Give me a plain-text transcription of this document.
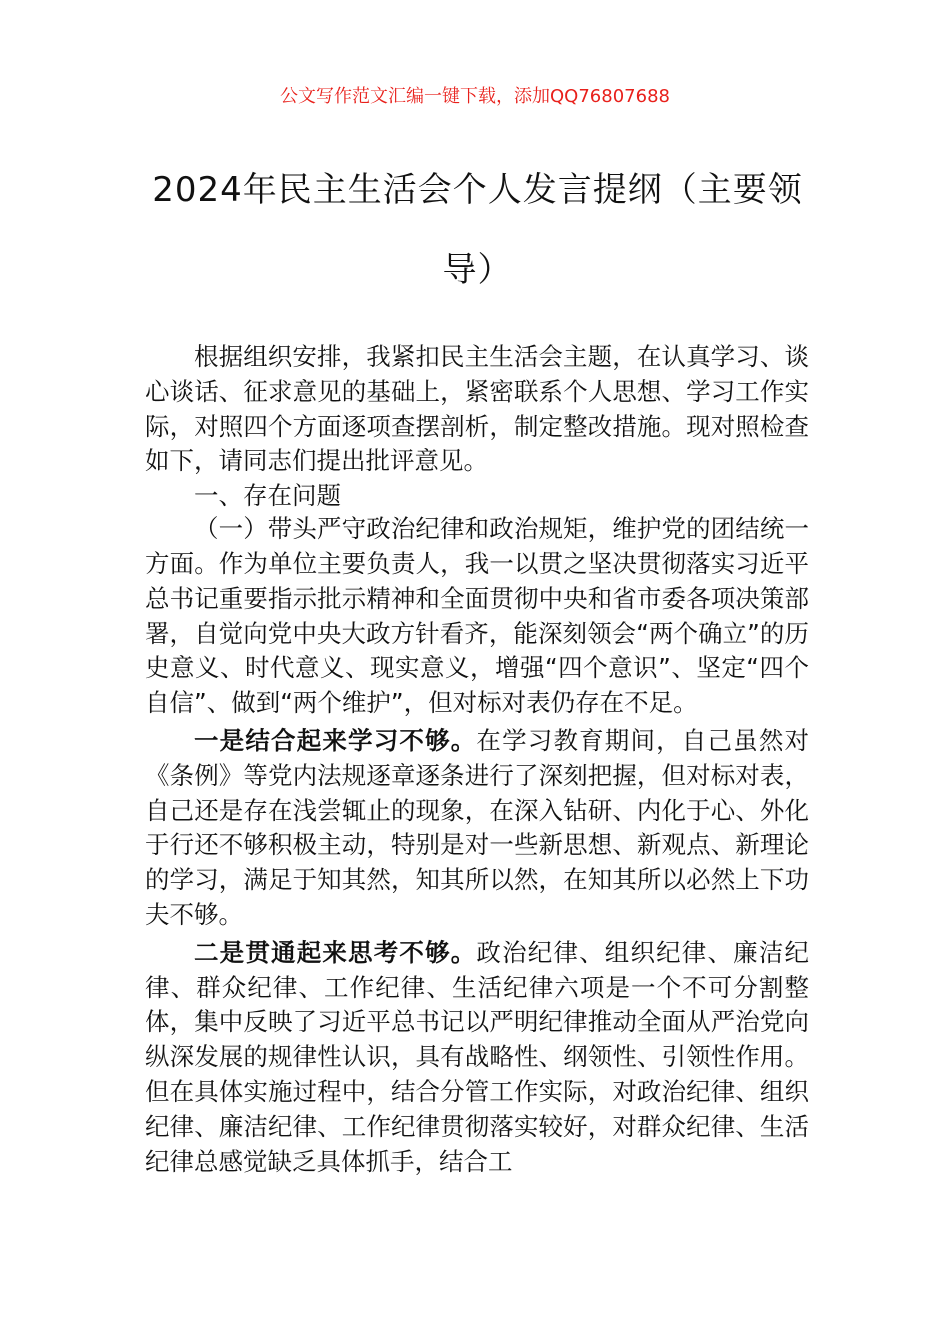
公文写作范文汇编一键下载，添加QQ76807688
2024年民主生活会个人发言提纲（主要领导）

根据组织安排，我紧扣民主生活会主题，在认真学习、谈心谈话、征求意见的基础上，紧密联系个人思想、学习工作实际，对照四个方面逐项查摆剖析，制定整改措施。现对照检查如下，请同志们提出批评意见。

一、存在问题

（一）带头严守政治纪律和政治规矩，维护党的团结统一方面。作为单位主要负责人，我一以贯之坚决贯彻落实习近平总书记重要指示批示精神和全面贯彻中央和省市委各项决策部署，自觉向党中央大政方针看齐，能深刻领会“两个确立”的历史意义、时代意义、现实意义，增强“四个意识”、坚定“四个自信”、做到“两个维护”，但对标对表仍存在不足。

一是结合起来学习不够。在学习教育期间，自己虽然对《条例》等党内法规逐章逐条进行了深刻把握，但对标对表，自己还是存在浅尝辄止的现象，在深入钻研、内化于心、外化于行还不够积极主动，特别是对一些新思想、新观点、新理论的学习，满足于知其然，知其所以然，在知其所以必然上下功夫不够。

二是贯通起来思考不够。政治纪律、组织纪律、廉洁纪律、群众纪律、工作纪律、生活纪律六项是一个不可分割整体，集中反映了习近平总书记以严明纪律推动全面从严治党向纵深发展的规律性认识，具有战略性、纲领性、引领性作用。但在具体实施过程中，结合分管工作实际，对政治纪律、组织纪律、廉洁纪律、工作纪律贯彻落实较好，对群众纪律、生活纪律总感觉缺乏具体抓手，结合工
